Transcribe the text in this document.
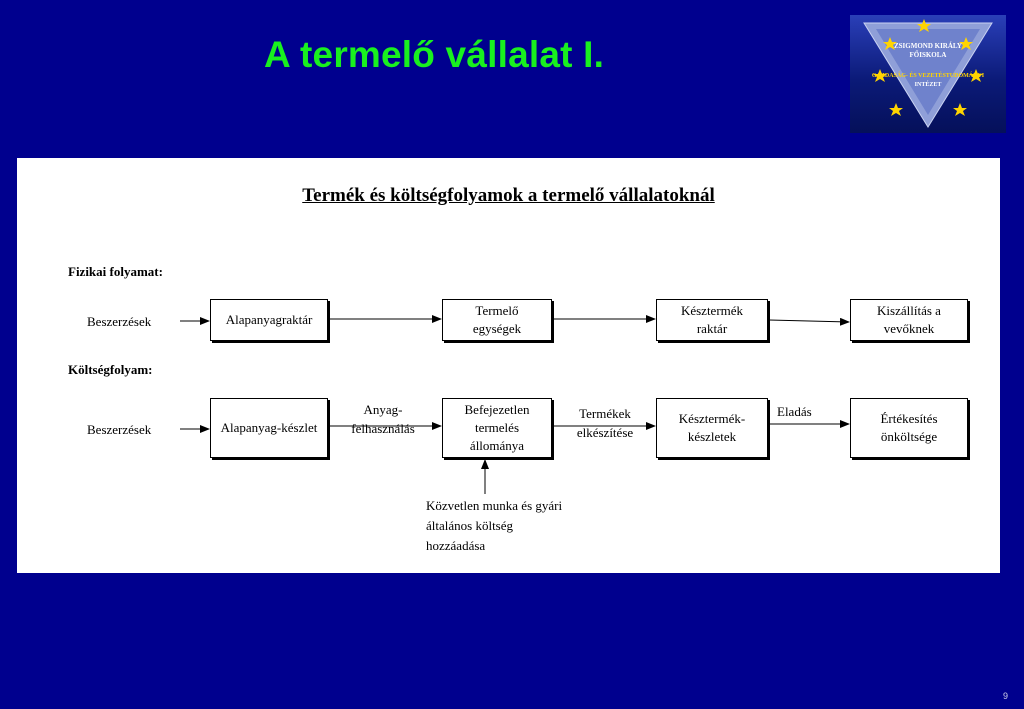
A termelő vállalat I.	ZSIGMOND KIRÁLY
FŐISKOLA
GAZDASÁG- ÉS VEZETÉSTUDOMÁNYI
INTÉZET
Termék és költségfolyamok a termelő vállalatoknál
Fizikai folyamat:
Költségfolyam:
Beszerzések	Alapanyagraktár
Termelő egységek
Késztermék raktár
Kiszállítás a vevőknek
Beszerzések	Alapanyag-készlet
Befejezetlen termelés állománya
Késztermék-készletek
Értékesítés önköltsége
Anyag-felhasználás
Termékek elkészítése
Eladás
Közvetlen munka és gyári általános költség hozzáadása
9
